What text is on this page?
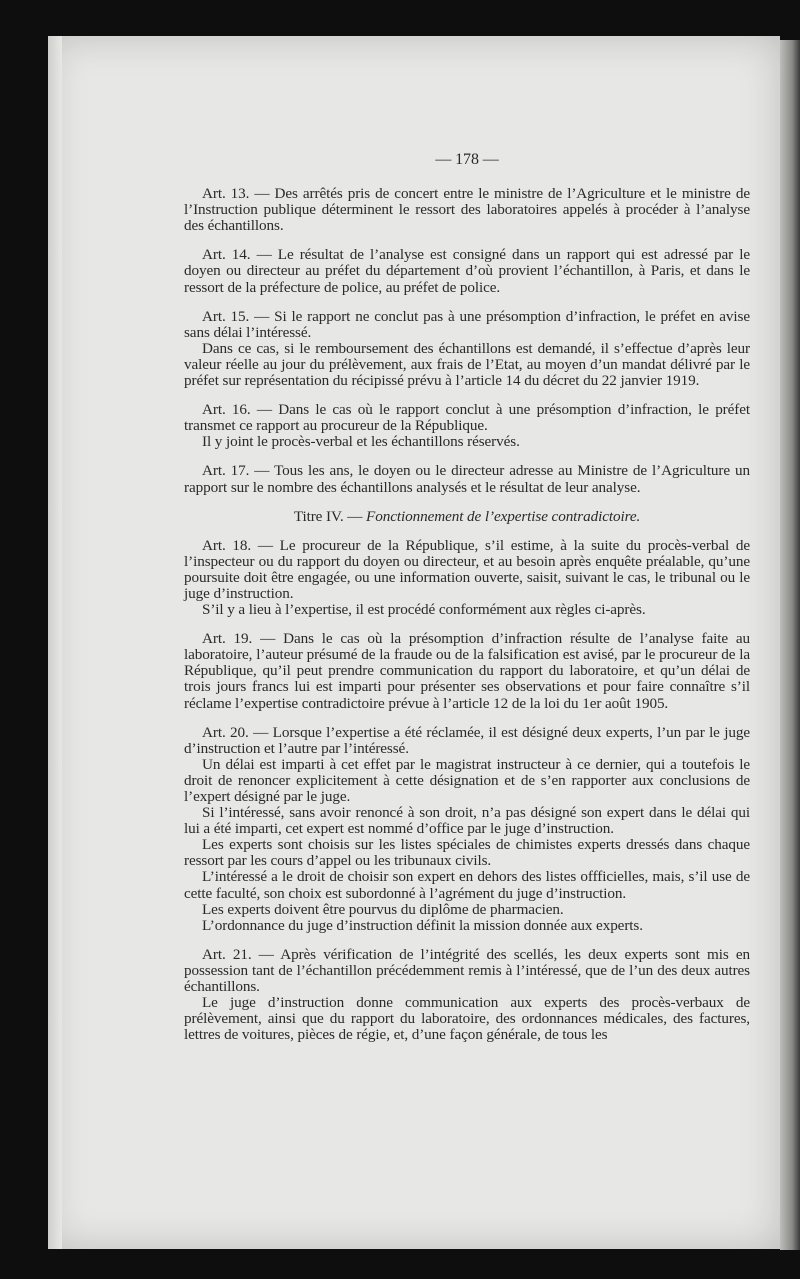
— 178 —

Art. 13. — Des arrêtés pris de concert entre le ministre de l’Agriculture et le ministre de l’Instruction publique déterminent le ressort des laboratoires appelés à procéder à l’analyse des échantillons.

Art. 14. — Le résultat de l’analyse est consigné dans un rapport qui est adressé par le doyen ou directeur au préfet du département d’où provient l’échantillon, à Paris, et dans le ressort de la préfecture de police, au préfet de police.

Art. 15. — Si le rapport ne conclut pas à une présomption d’infraction, le préfet en avise sans délai l’intéressé.

Dans ce cas, si le remboursement des échantillons est demandé, il s’effectue d’après leur valeur réelle au jour du prélèvement, aux frais de l’Etat, au moyen d’un mandat délivré par le préfet sur représentation du récipissé prévu à l’article 14 du décret du 22 janvier 1919.

Art. 16. — Dans le cas où le rapport conclut à une présomption d’infraction, le préfet transmet ce rapport au procureur de la République.

Il y joint le procès-verbal et les échantillons réservés.

Art. 17. — Tous les ans, le doyen ou le directeur adresse au Ministre de l’Agriculture un rapport sur le nombre des échantillons analysés et le résultat de leur analyse.

Titre IV. — Fonctionnement de l’expertise contradictoire.

Art. 18. — Le procureur de la République, s’il estime, à la suite du procès-verbal de l’inspecteur ou du rapport du doyen ou directeur, et au besoin après enquête préalable, qu’une poursuite doit être engagée, ou une information ouverte, saisit, suivant le cas, le tribunal ou le juge d’instruction.

S’il y a lieu à l’expertise, il est procédé conformément aux règles ci-après.

Art. 19. — Dans le cas où la présomption d’infraction résulte de l’analyse faite au laboratoire, l’auteur présumé de la fraude ou de la falsification est avisé, par le procureur de la République, qu’il peut prendre communication du rapport du laboratoire, et qu’un délai de trois jours francs lui est imparti pour présenter ses observations et pour faire connaître s’il réclame l’expertise contradictoire prévue à l’article 12 de la loi du 1er août 1905.

Art. 20. — Lorsque l’expertise a été réclamée, il est désigné deux experts, l’un par le juge d’instruction et l’autre par l’intéressé.

Un délai est imparti à cet effet par le magistrat instructeur à ce dernier, qui a toutefois le droit de renoncer explicitement à cette désignation et de s’en rapporter aux conclusions de l’expert désigné par le juge.

Si l’intéressé, sans avoir renoncé à son droit, n’a pas désigné son expert dans le délai qui lui a été imparti, cet expert est nommé d’office par le juge d’instruction.

Les experts sont choisis sur les listes spéciales de chimistes experts dressés dans chaque ressort par les cours d’appel ou les tribunaux civils.

L’intéressé a le droit de choisir son expert en dehors des listes offficielles, mais, s’il use de cette faculté, son choix est subordonné à l’agrément du juge d’instruction.

Les experts doivent être pourvus du diplôme de pharmacien.

L’ordonnance du juge d’instruction définit la mission donnée aux experts.

Art. 21. — Après vérification de l’intégrité des scellés, les deux experts sont mis en possession tant de l’échantillon précédemment remis à l’intéressé, que de l’un des deux autres échantillons.

Le juge d’instruction donne communication aux experts des procès-verbaux de prélèvement, ainsi que du rapport du laboratoire, des ordonnances médicales, des factures, lettres de voitures, pièces de régie, et, d’une façon générale, de tous les
